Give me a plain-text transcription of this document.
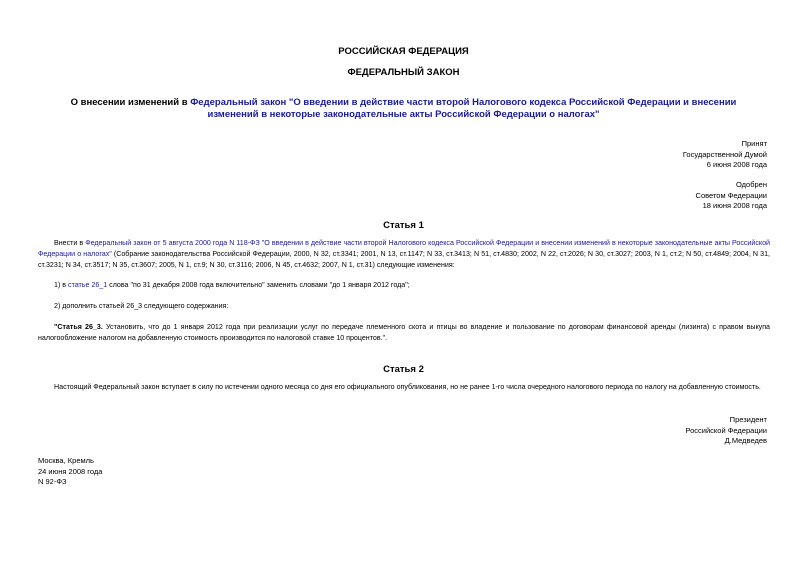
РОССИЙСКАЯ ФЕДЕРАЦИЯ
ФЕДЕРАЛЬНЫЙ ЗАКОН
О внесении изменений в Федеральный закон "О введении в действие части второй Налогового кодекса Российской Федерации и внесении изменений в некоторые законодательные акты Российской Федерации о налогах"
Принят
Государственной Думой
6 июня 2008 года
Одобрен
Советом Федерации
18 июня 2008 года
Статья 1
Внести в Федеральный закон от 5 августа 2000 года N 118-ФЗ "О введении в действие части второй Налогового кодекса Российской Федерации и внесении изменений в некоторые законодательные акты Российской Федерации о налогах" (Собрание законодательства Российской Федерации, 2000, N 32, ст.3341; 2001, N 13, ст.1147; N 33, ст.3413; N 51, ст.4830; 2002, N 22, ст.2026; N 30, ст.3027; 2003, N 1, ст.2; N 50, ст.4849; 2004, N 31, ст.3231; N 34, ст.3517; N 35, ст.3607; 2005, N 1, ст.9; N 30, ст.3116; 2006, N 45, ст.4632; 2007, N 1, ст.31) следующие изменения:
1) в статье 26_1 слова "по 31 декабря 2008 года включительно" заменить словами "до 1 января 2012 года";
2) дополнить статьей 26_3 следующего содержания:
"Статья 26_3. Установить, что до 1 января 2012 года при реализации услуг по передаче племенного скота и птицы во владение и пользование по договорам финансовой аренды (лизинга) с правом выкупа налогообложение налогом на добавленную стоимость производится по налоговой ставке 10 процентов.".
Статья 2
Настоящий Федеральный закон вступает в силу по истечении одного месяца со дня его официального опубликования, но не ранее 1-го числа очередного налогового периода по налогу на добавленную стоимость.
Президент
Российской Федерации
Д.Медведев
Москва, Кремль
24 июня 2008 года
N 92-ФЗ
